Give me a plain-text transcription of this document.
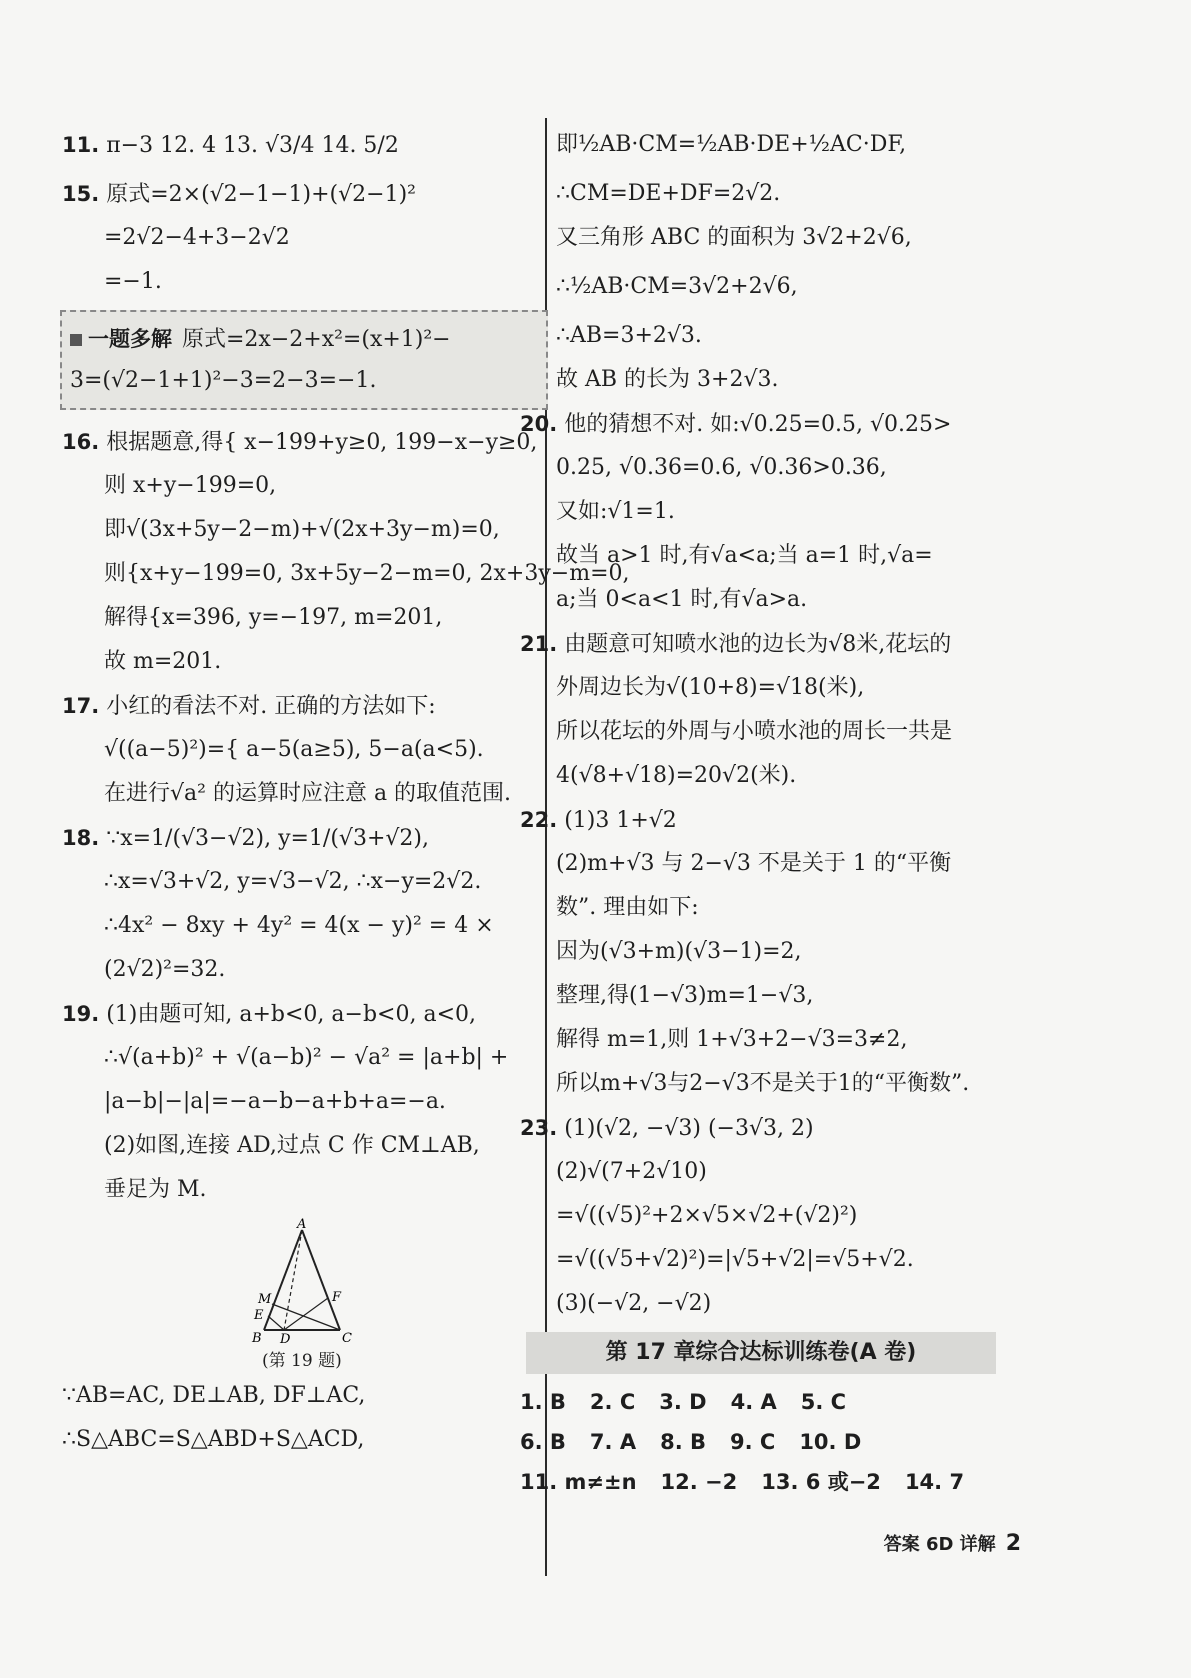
11. π−3 12. 4 13. √3/4 14. 5/2
15. 原式=2×(√2−1−1)+(√2−1)²
=2√2−4+3−2√2
=−1.
一题多解 原式=2x−2+x²=(x+1)²−
3=(√2−1+1)²−3=2−3=−1.
16. 根据题意,得{ x−199+y≥0, 199−x−y≥0,
则 x+y−199=0,
即√(3x+5y−2−m)+√(2x+3y−m)=0,
则{x+y−199=0, 3x+5y−2−m=0, 2x+3y−m=0,
解得{x=396, y=−197, m=201,
故 m=201.
17. 小红的看法不对. 正确的方法如下:
√((a−5)²)={ a−5(a≥5), 5−a(a<5).
在进行√a² 的运算时应注意 a 的取值范围.
18. ∵x=1/(√3−√2), y=1/(√3+√2),
∴x=√3+√2, y=√3−√2, ∴x−y=2√2.
∴4x² − 8xy + 4y² = 4(x − y)² = 4 ×
(2√2)²=32.
19. (1)由题可知, a+b<0, a−b<0, a<0,
∴√(a+b)² + √(a−b)² − √a² = |a+b| +
|a−b|−|a|=−a−b−a+b+a=−a.
(2)如图,连接 AD,过点 C 作 CM⊥AB,
垂足为 M.
A
M
E
F
B D	C
(第 19 题)
∵AB=AC, DE⊥AB, DF⊥AC,
∴S△ABC=S△ABD+S△ACD,
即½AB·CM=½AB·DE+½AC·DF,
∴CM=DE+DF=2√2.
又三角形 ABC 的面积为 3√2+2√6,
∴½AB·CM=3√2+2√6,
∴AB=3+2√3.
故 AB 的长为 3+2√3.
20. 他的猜想不对. 如:√0.25=0.5, √0.25>
0.25, √0.36=0.6, √0.36>0.36,
又如:√1=1.
故当 a>1 时,有√a<a;当 a=1 时,√a=
a;当 0<a<1 时,有√a>a.
21. 由题意可知喷水池的边长为√8米,花坛的
外周边长为√(10+8)=√18(米),
所以花坛的外周与小喷水池的周长一共是
4(√8+√18)=20√2(米).
22. (1)3 1+√2
(2)m+√3 与 2−√3 不是关于 1 的“平衡
数”. 理由如下:
因为(√3+m)(√3−1)=2,
整理,得(1−√3)m=1−√3,
解得 m=1,则 1+√3+2−√3=3≠2,
所以m+√3与2−√3不是关于1的“平衡数”.
23. (1)(√2, −√3) (−3√3, 2)
(2)√(7+2√10)
=√((√5)²+2×√5×√2+(√2)²)
=√((√5+√2)²)=|√5+√2|=√5+√2.
(3)(−√2, −√2)
第 17 章综合达标训练卷(A 卷)
1. B 2. C 3. D 4. A 5. C
6. B 7. A 8. B 9. C 10. D
11. m≠±n 12. −2 13. 6 或−2 14. 7
答案 6D 详解 2
